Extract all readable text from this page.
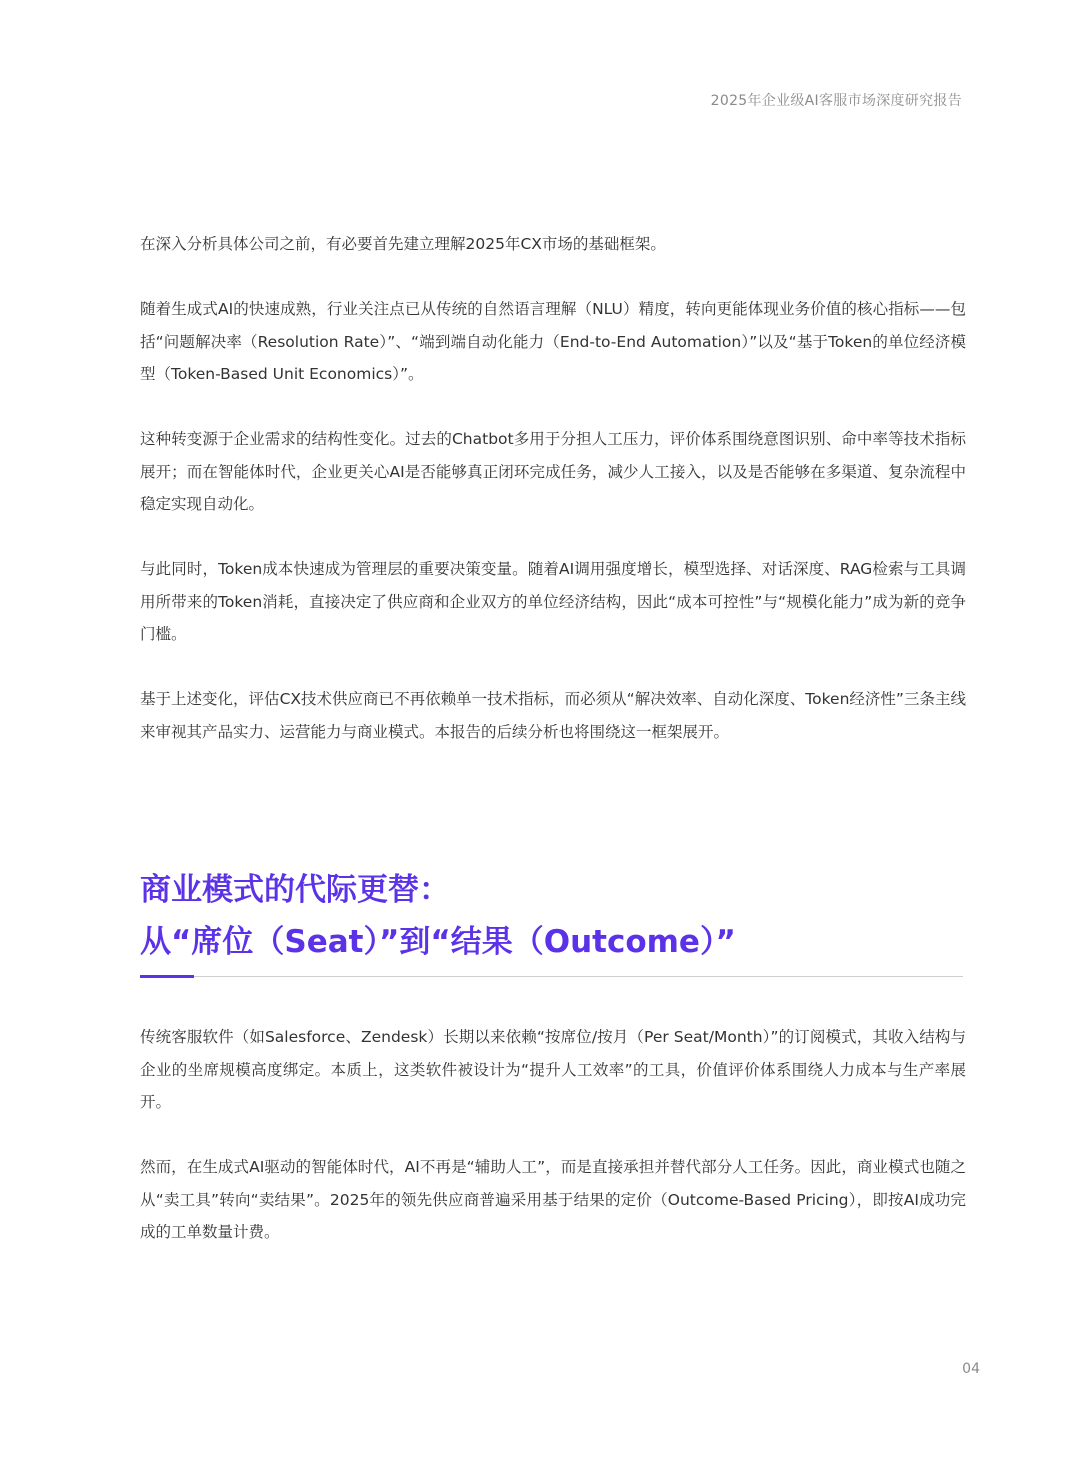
2025年企业级AI客服市场深度研究报告

在深入分析具体公司之前，有必要首先建立理解2025年CX市场的基础框架。

随着生成式AI的快速成熟，行业关注点已从传统的自然语言理解（NLU）精度，转向更能体现业务价值的核心指标——包括“问题解决率（Resolution Rate）”、“端到端自动化能力（End-to-End Automation）”以及“基于Token的单位经济模型（Token-Based Unit Economics）”。

这种转变源于企业需求的结构性变化。过去的Chatbot多用于分担人工压力，评价体系围绕意图识别、命中率等技术指标展开；而在智能体时代，企业更关心AI是否能够真正闭环完成任务，减少人工接入，以及是否能够在多渠道、复杂流程中稳定实现自动化。

与此同时，Token成本快速成为管理层的重要决策变量。随着AI调用强度增长，模型选择、对话深度、RAG检索与工具调用所带来的Token消耗，直接决定了供应商和企业双方的单位经济结构，因此“成本可控性”与“规模化能力”成为新的竞争门槛。

基于上述变化，评估CX技术供应商已不再依赖单一技术指标，而必须从“解决效率、自动化深度、Token经济性”三条主线来审视其产品实力、运营能力与商业模式。本报告的后续分析也将围绕这一框架展开。

商业模式的代际更替：
从“席位（Seat）”到“结果（Outcome）”

传统客服软件（如Salesforce、Zendesk）长期以来依赖“按席位/按月（Per Seat/Month）”的订阅模式，其收入结构与企业的坐席规模高度绑定。本质上，这类软件被设计为“提升人工效率”的工具，价值评价体系围绕人力成本与生产率展开。

然而，在生成式AI驱动的智能体时代，AI不再是“辅助人工”，而是直接承担并替代部分人工任务。因此，商业模式也随之从“卖工具”转向“卖结果”。2025年的领先供应商普遍采用基于结果的定价（Outcome-Based Pricing），即按AI成功完成的工单数量计费。

04
